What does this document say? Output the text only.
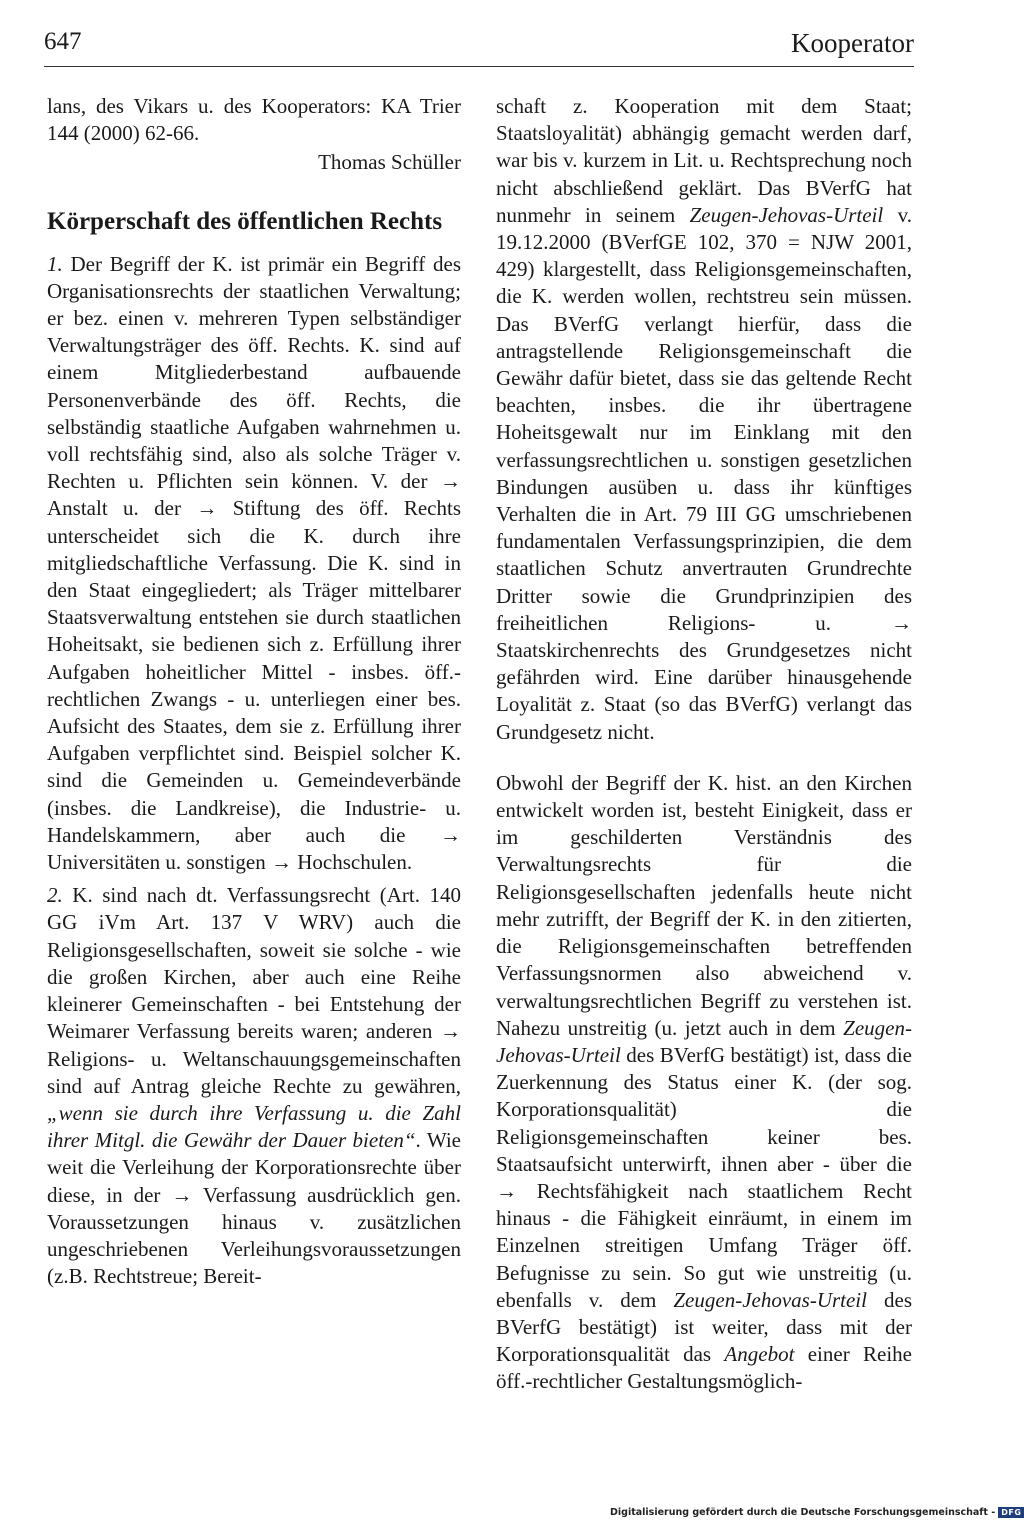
647	Kooperator

lans, des Vikars u. des Kooperators: KA Trier 144 (2000) 62-66.

Thomas Schüller

Körperschaft des öffentlichen Rechts

1. Der Begriff der K. ist primär ein Begriff des Organisationsrechts der staatlichen Verwaltung; er bez. einen v. mehreren Typen selbständiger Verwaltungsträger des öff. Rechts. K. sind auf einem Mitgliederbestand aufbauende Personenverbände des öff. Rechts, die selbständig staatliche Aufgaben wahrnehmen u. voll rechtsfähig sind, also als solche Träger v. Rechten u. Pflichten sein können. V. der → Anstalt u. der → Stiftung des öff. Rechts unterscheidet sich die K. durch ihre mitgliedschaftliche Verfassung. Die K. sind in den Staat eingegliedert; als Träger mittelbarer Staatsverwaltung entstehen sie durch staatlichen Hoheitsakt, sie bedienen sich z. Erfüllung ihrer Aufgaben hoheitlicher Mittel - insbes. öff.-rechtlichen Zwangs - u. unterliegen einer bes. Aufsicht des Staates, dem sie z. Erfüllung ihrer Aufgaben verpflichtet sind. Beispiel solcher K. sind die Gemeinden u. Gemeindeverbände (insbes. die Landkreise), die Industrie- u. Handelskammern, aber auch die → Universitäten u. sonstigen → Hochschulen.

2. K. sind nach dt. Verfassungsrecht (Art. 140 GG iVm Art. 137 V WRV) auch die Religionsgesellschaften, soweit sie solche - wie die großen Kirchen, aber auch eine Reihe kleinerer Gemeinschaften - bei Entstehung der Weimarer Verfassung bereits waren; anderen → Religions- u. Weltanschauungsgemeinschaften sind auf Antrag gleiche Rechte zu gewähren, „wenn sie durch ihre Verfassung u. die Zahl ihrer Mitgl. die Gewähr der Dauer bieten“. Wie weit die Verleihung der Korporationsrechte über diese, in der → Verfassung ausdrücklich gen. Voraussetzungen hinaus v. zusätzlichen ungeschriebenen Verleihungsvoraussetzungen (z.B. Rechtstreue; Bereit-

schaft z. Kooperation mit dem Staat; Staatsloyalität) abhängig gemacht werden darf, war bis v. kurzem in Lit. u. Rechtsprechung noch nicht abschließend geklärt. Das BVerfG hat nunmehr in seinem Zeugen-Jehovas-Urteil v. 19.12.2000 (BVerfGE 102, 370 = NJW 2001, 429) klargestellt, dass Religionsgemeinschaften, die K. werden wollen, rechtstreu sein müssen. Das BVerfG verlangt hierfür, dass die antragstellende Religionsgemeinschaft die Gewähr dafür bietet, dass sie das geltende Recht beachten, insbes. die ihr übertragene Hoheitsgewalt nur im Einklang mit den verfassungsrechtlichen u. sonstigen gesetzlichen Bindungen ausüben u. dass ihr künftiges Verhalten die in Art. 79 III GG umschriebenen fundamentalen Verfassungsprinzipien, die dem staatlichen Schutz anvertrauten Grundrechte Dritter sowie die Grundprinzipien des freiheitlichen Religions- u. → Staatskirchenrechts des Grundgesetzes nicht gefährden wird. Eine darüber hinausgehende Loyalität z. Staat (so das BVerfG) verlangt das Grundgesetz nicht.

Obwohl der Begriff der K. hist. an den Kirchen entwickelt worden ist, besteht Einigkeit, dass er im geschilderten Verständnis des Verwaltungsrechts für die Religionsgesellschaften jedenfalls heute nicht mehr zutrifft, der Begriff der K. in den zitierten, die Religionsgemeinschaften betreffenden Verfassungsnormen also abweichend v. verwaltungsrechtlichen Begriff zu verstehen ist. Nahezu unstreitig (u. jetzt auch in dem Zeugen-Jehovas-Urteil des BVerfG bestätigt) ist, dass die Zuerkennung des Status einer K. (der sog. Korporationsqualität) die Religionsgemeinschaften keiner bes. Staatsaufsicht unterwirft, ihnen aber - über die → Rechtsfähigkeit nach staatlichem Recht hinaus - die Fähigkeit einräumt, in einem im Einzelnen streitigen Umfang Träger öff. Befugnisse zu sein. So gut wie unstreitig (u. ebenfalls v. dem Zeugen-Jehovas-Urteil des BVerfG bestätigt) ist weiter, dass mit der Korporationsqualität das Angebot einer Reihe öff.-rechtlicher Gestaltungsmöglich-

Digitalisierung gefördert durch die Deutsche Forschungsgemeinschaft - DFG
